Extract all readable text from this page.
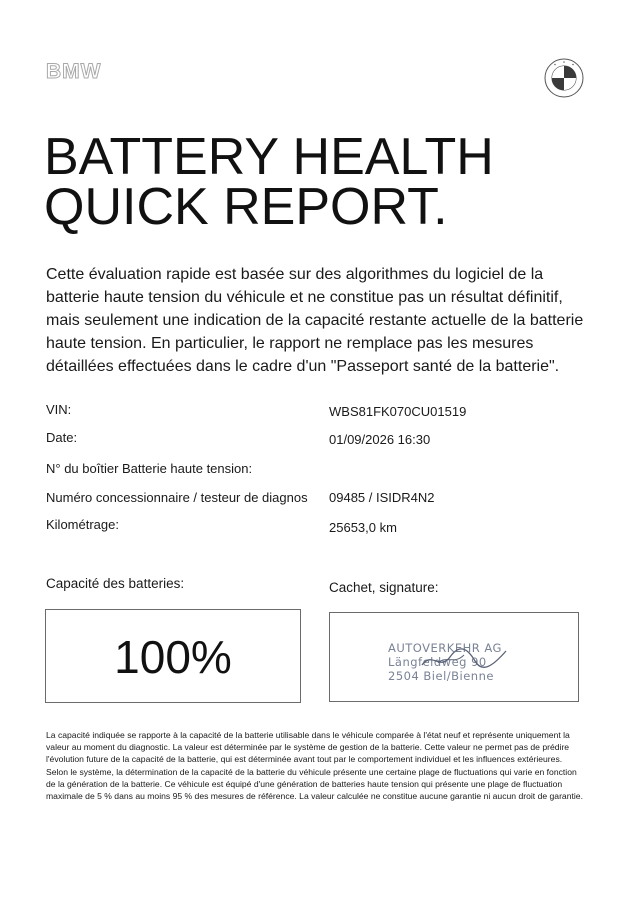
BMW
BATTERY HEALTH
QUICK REPORT.

Cette évaluation rapide est basée sur des algorithmes du logiciel de la batterie haute tension du véhicule et ne constitue pas un résultat définitif, mais seulement une indication de la capacité restante actuelle de la batterie haute tension. En particulier, le rapport ne remplace pas les mesures détaillées effectuées dans le cadre d'un "Passeport santé de la batterie".

VIN:	WBS81FK070CU01519
Date:	01/09/2026 16:30
N° du boîtier Batterie haute tension:
Numéro concessionnaire / testeur de diagnos 09485 / ISIDR4N2
Kilométrage:	25653,0 km
Capacité des batteries:
100%
Cachet, signature:
AUTOVERKEHR AG
Längfeldweg 90
2504 Biel/Bienne

La capacité indiquée se rapporte à la capacité de la batterie utilisable dans le véhicule comparée à l'état neuf et représente uniquement la valeur au moment du diagnostic. La valeur est déterminée par le système de gestion de la batterie. Cette valeur ne permet pas de prédire l'évolution future de la capacité de la batterie, qui est déterminée avant tout par le comportement individuel et les influences extérieures. Selon le système, la détermination de la capacité de la batterie du véhicule présente une certaine plage de fluctuations qui varie en fonction de la génération de la batterie. Ce véhicule est équipé d'une génération de batteries haute tension qui présente une plage de fluctuation maximale de 5 % dans au moins 95 % des mesures de référence. La valeur calculée ne constitue aucune garantie ni aucun droit de garantie.
